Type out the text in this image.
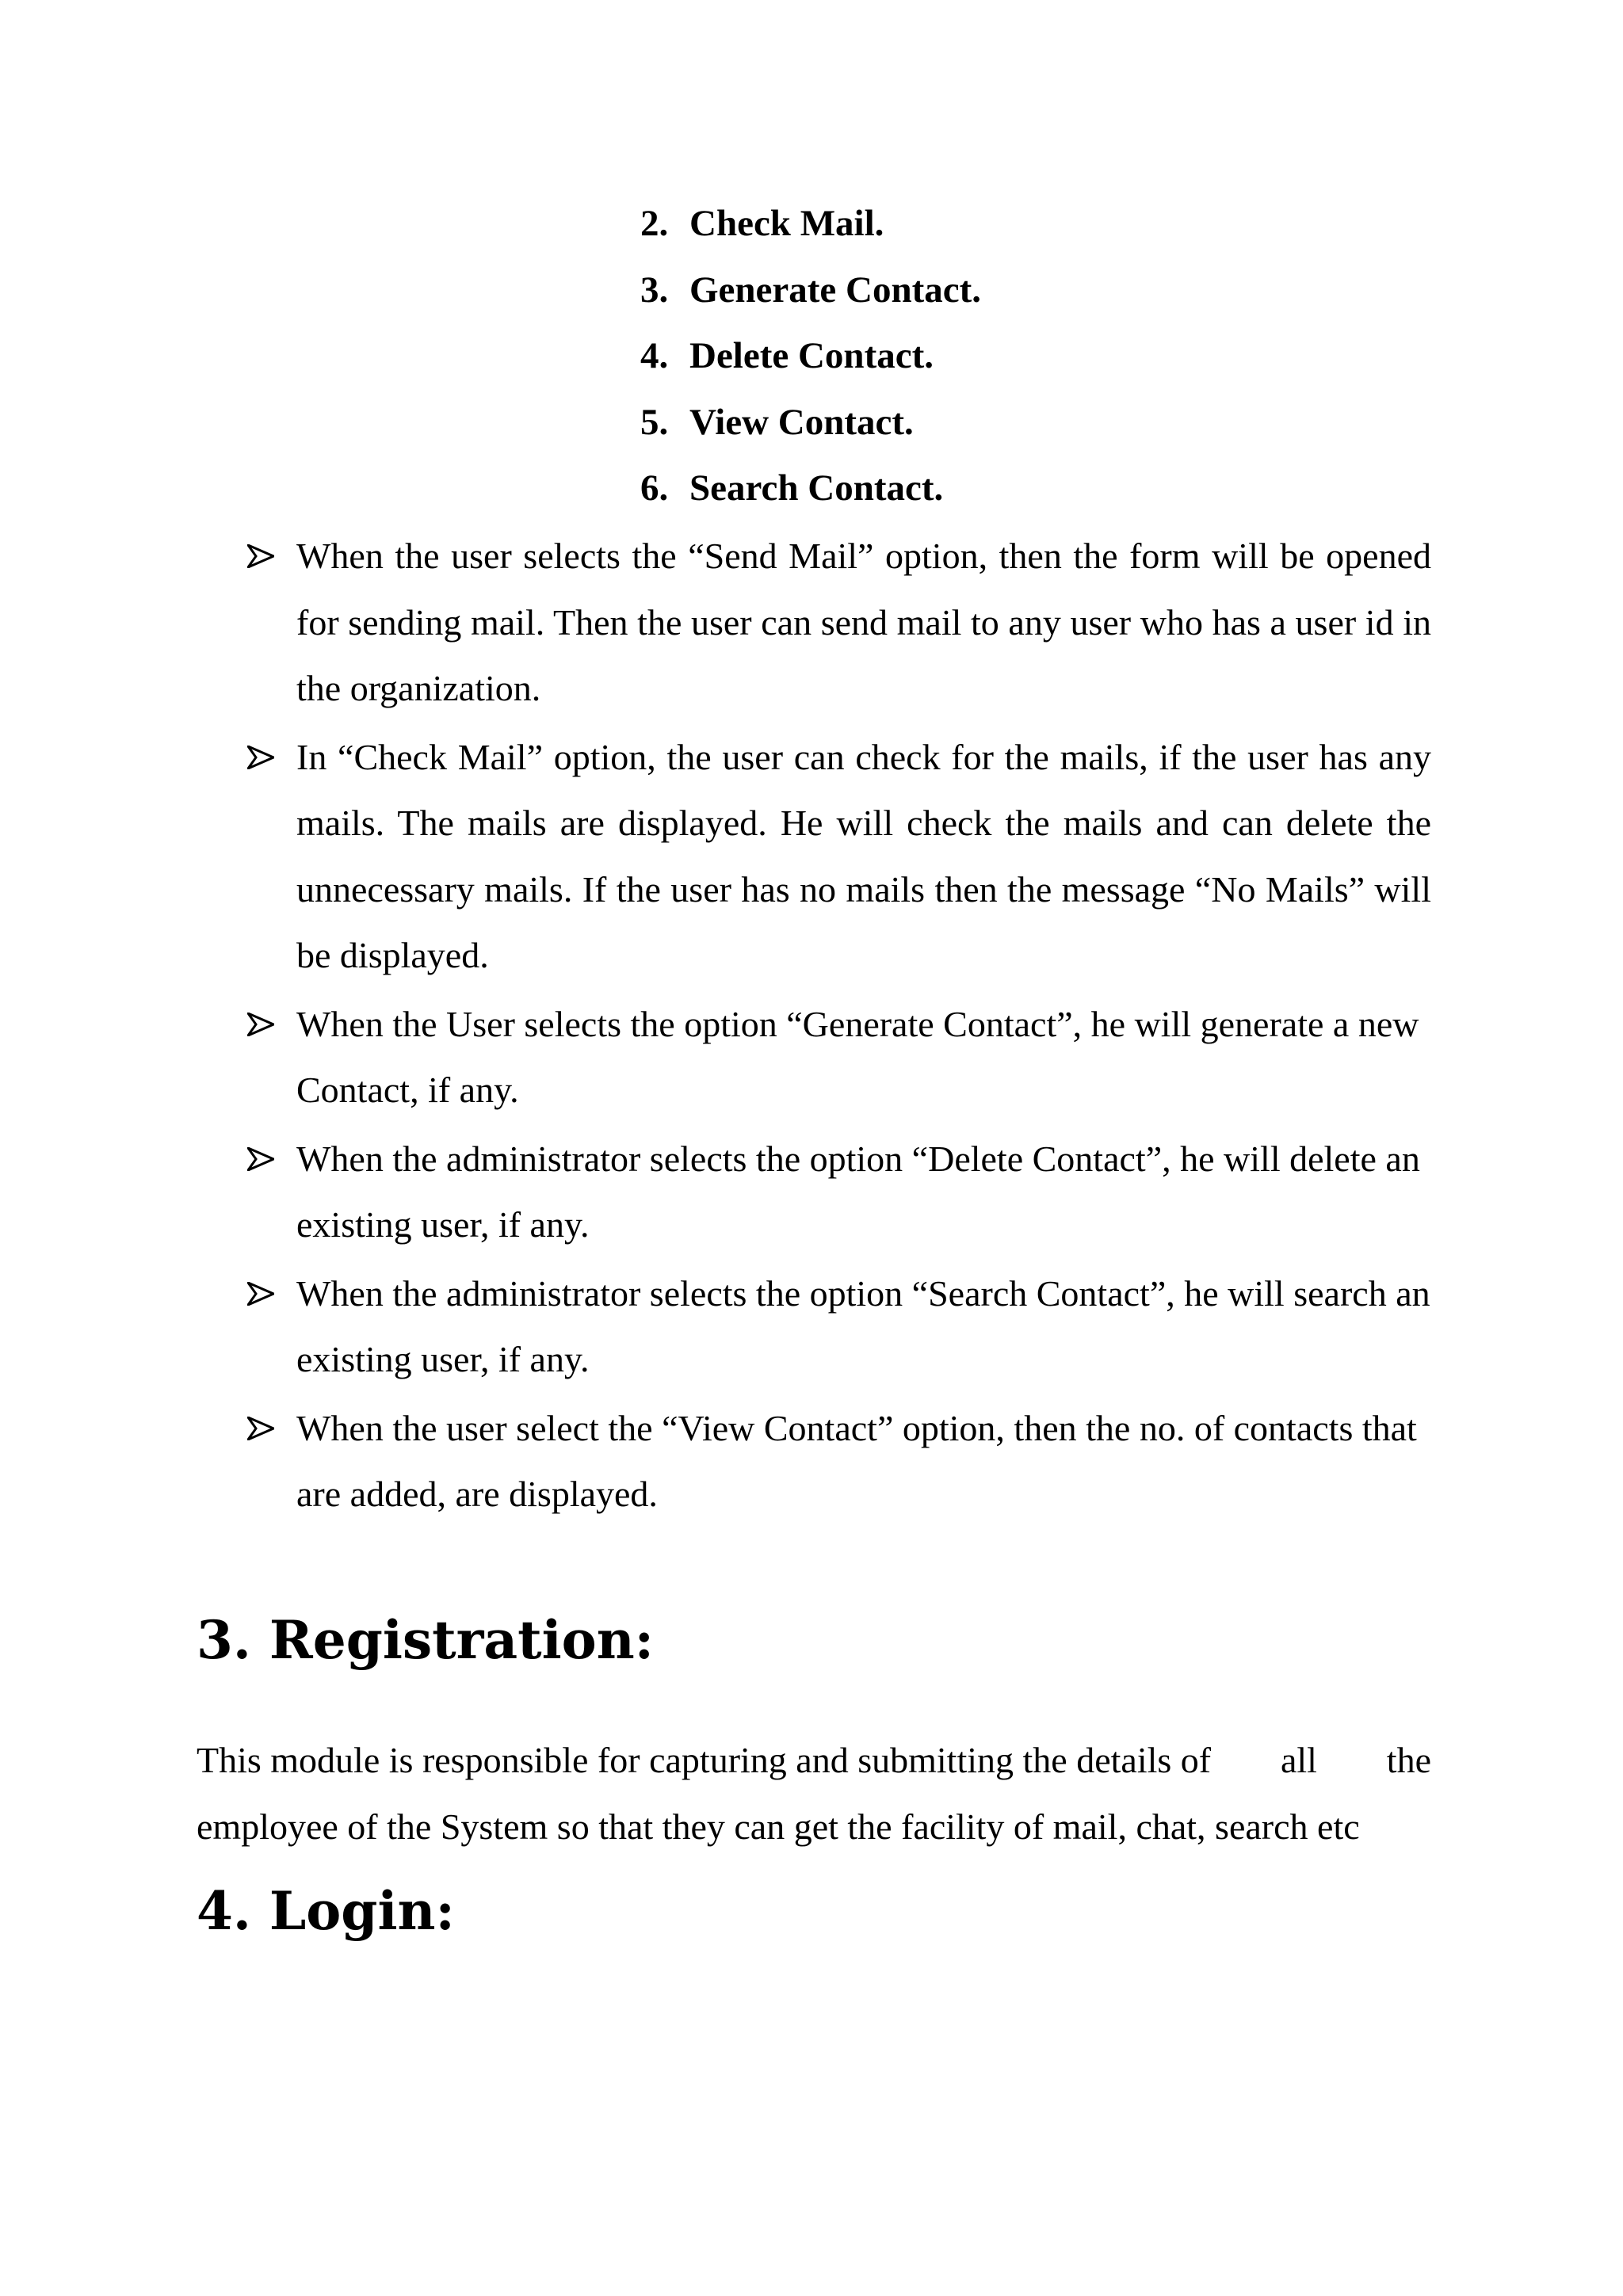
2. Check Mail.
3. Generate Contact.
4. Delete Contact.
5. View Contact.
6. Search Contact.
When the user selects the “Send Mail” option, then the form will be opened for sending mail. Then the user can send mail to any user who has a user id in the organization.
In “Check Mail” option, the user can check for the mails, if the user has any mails. The mails are displayed. He will check the mails and can delete the unnecessary mails. If the user has no mails then the message “No Mails” will be displayed.
When the User selects the option “Generate Contact”, he will generate a new Contact, if any.
When the administrator selects the option “Delete Contact”, he will delete an existing user, if any.
When the administrator selects the option “Search Contact”, he will search an existing user, if any.
When the user select the “View Contact” option, then the no. of contacts that are added, are displayed.
3. Registration:

This module is responsible for capturing and submitting the details of all the
employee of the System so that they can get the facility of mail, chat, search etc

4. Login:
